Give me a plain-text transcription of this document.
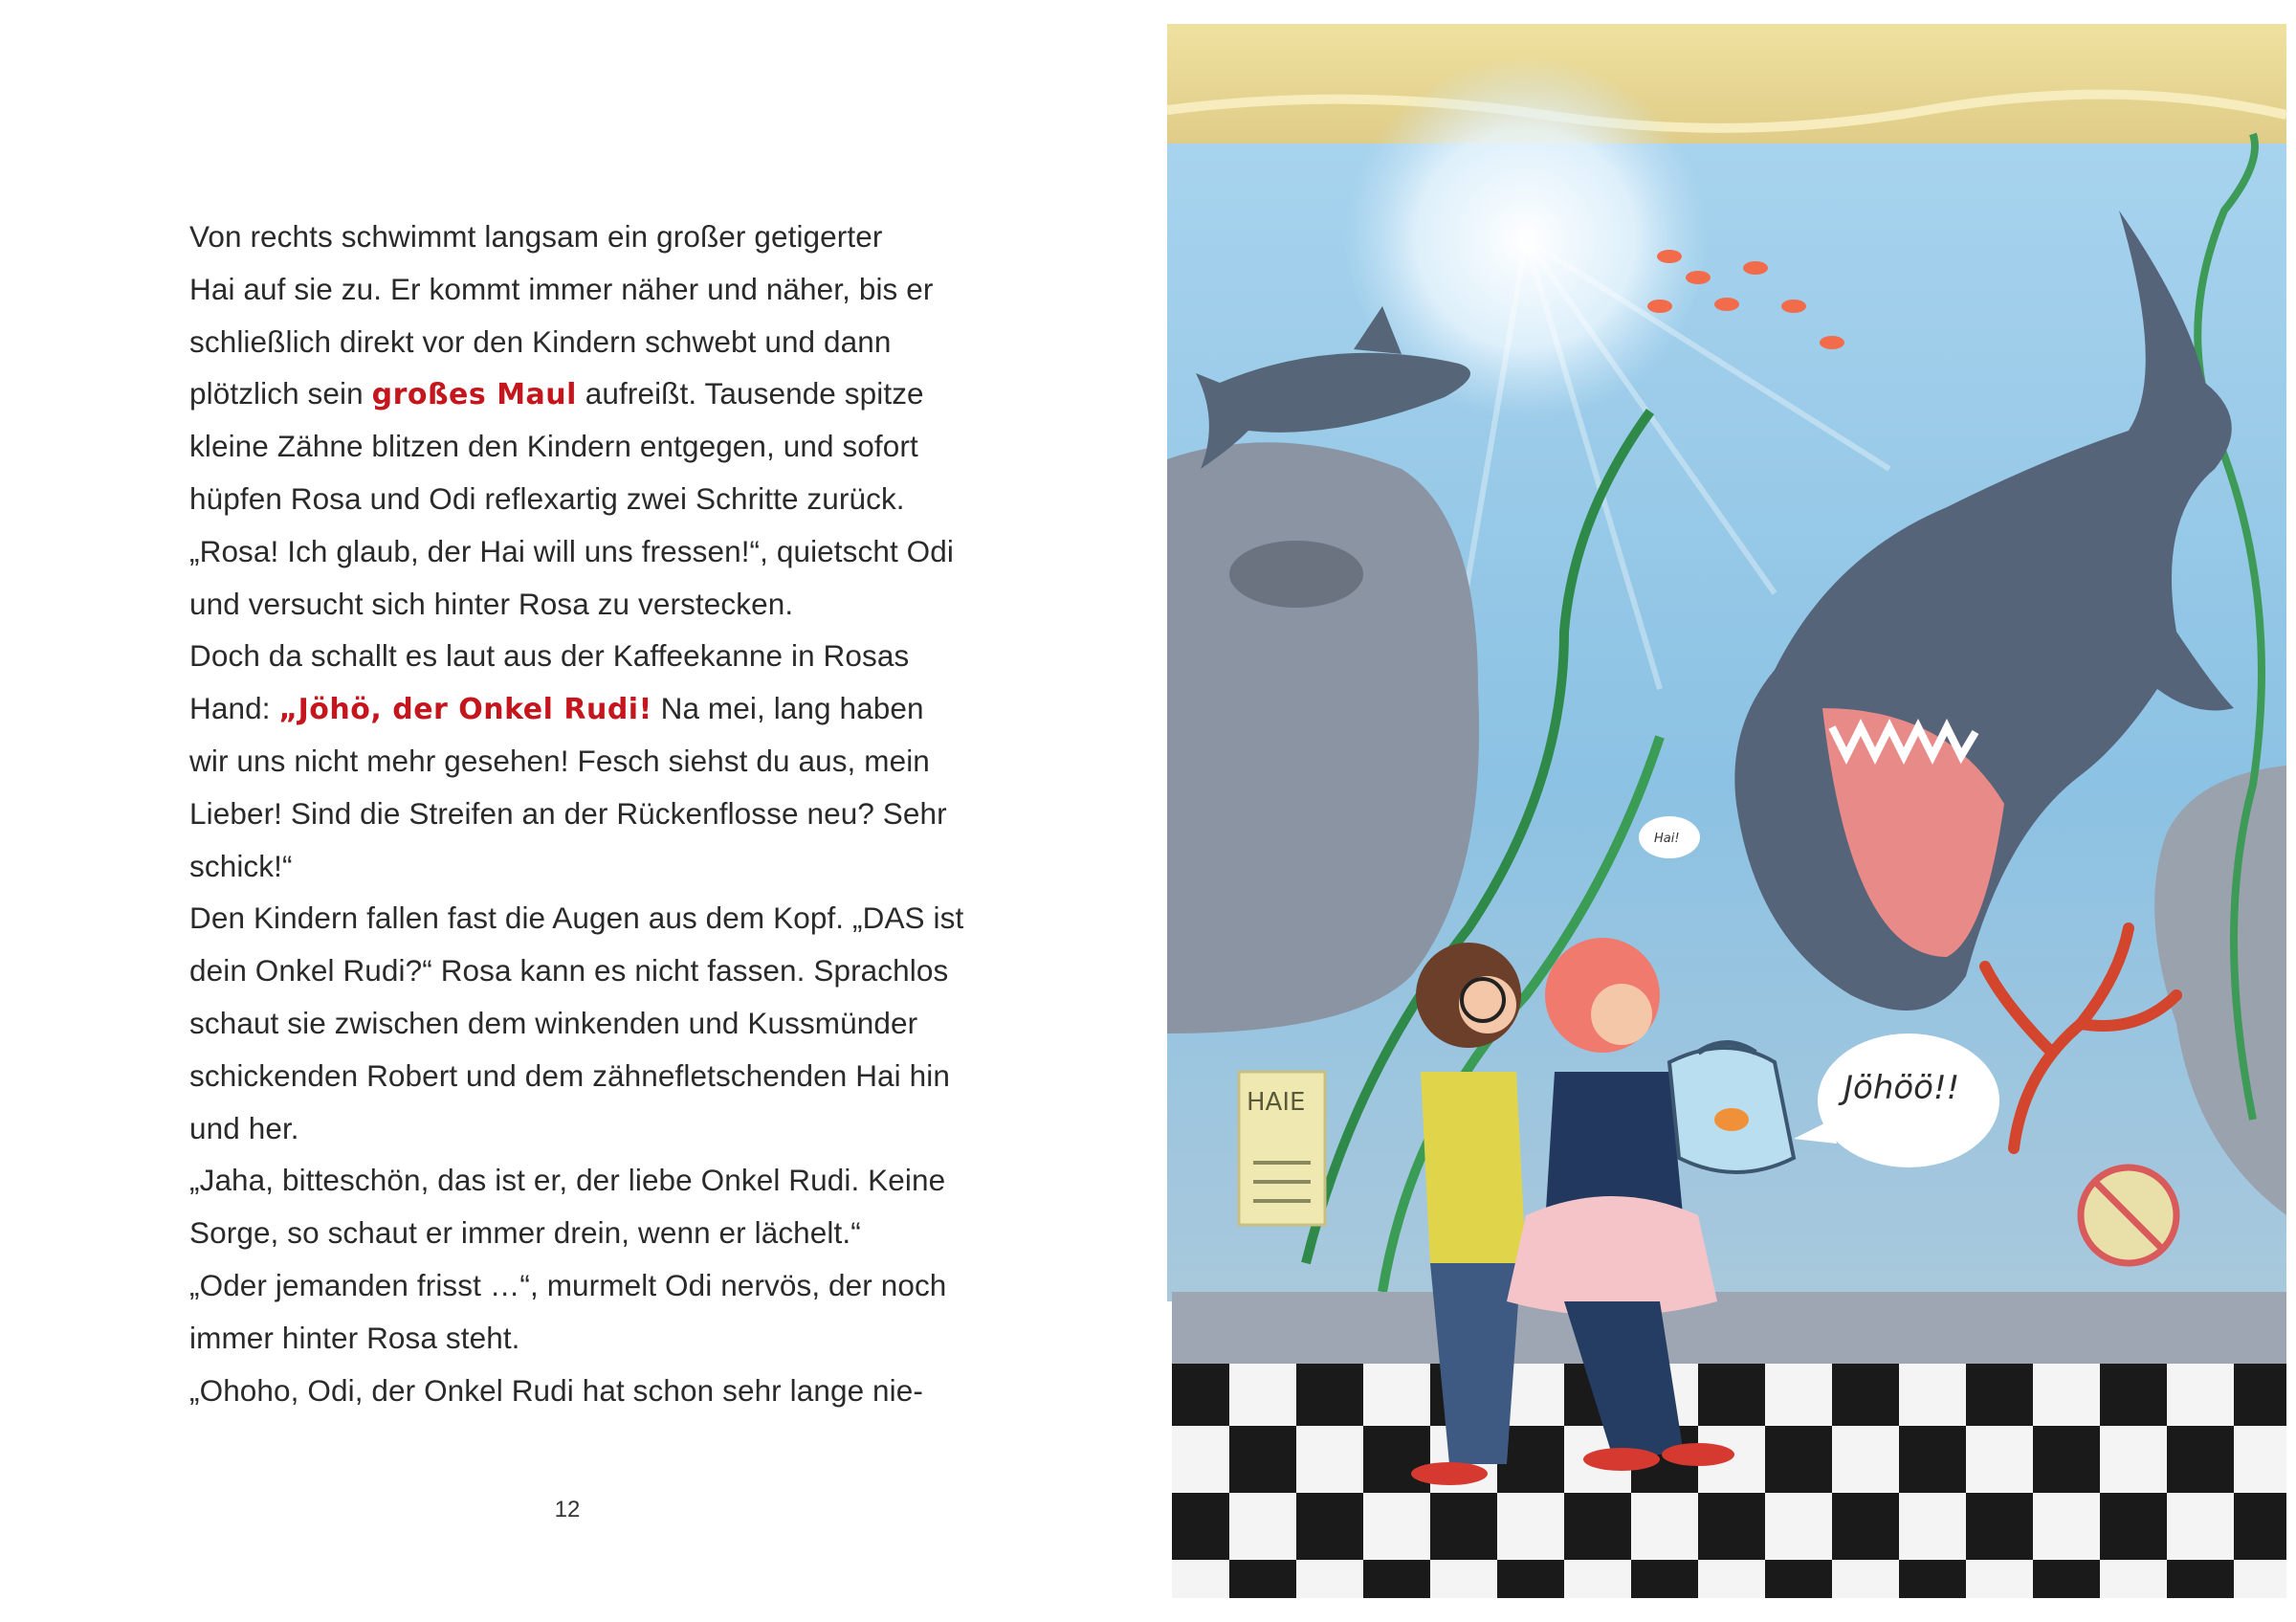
Von rechts schwimmt langsam ein großer getigerter
Hai auf sie zu. Er kommt immer näher und näher, bis er
schließlich direkt vor den Kindern schwebt und dann
plötzlich sein großes Maul aufreißt. Tausende spitze
kleine Zähne blitzen den Kindern entgegen, und sofort
hüpfen Rosa und Odi reflexartig zwei Schritte zurück.
„Rosa! Ich glaub, der Hai will uns fressen!“, quietscht Odi
und versucht sich hinter Rosa zu verstecken.
Doch da schallt es laut aus der Kaffeekanne in Rosas
Hand: „Jöhö, der Onkel Rudi! Na mei, lang haben
wir uns nicht mehr gesehen! Fesch siehst du aus, mein
Lieber! Sind die Streifen an der Rückenflosse neu? Sehr
schick!“
Den Kindern fallen fast die Augen aus dem Kopf. „DAS ist
dein Onkel Rudi?“ Rosa kann es nicht fassen. Sprachlos
schaut sie zwischen dem winkenden und Kussmünder
schickenden Robert und dem zähnefletschenden Hai hin
und her.
„Jaha, bitteschön, das ist er, der liebe Onkel Rudi. Keine
Sorge, so schaut er immer drein, wenn er lächelt.“
„Oder jemanden frisst …“, murmelt Odi nervös, der noch
immer hinter Rosa steht.
„Ohoho, Odi, der Onkel Rudi hat schon sehr lange nie-
12
Hai!
HAIE	Jöhöö!!
